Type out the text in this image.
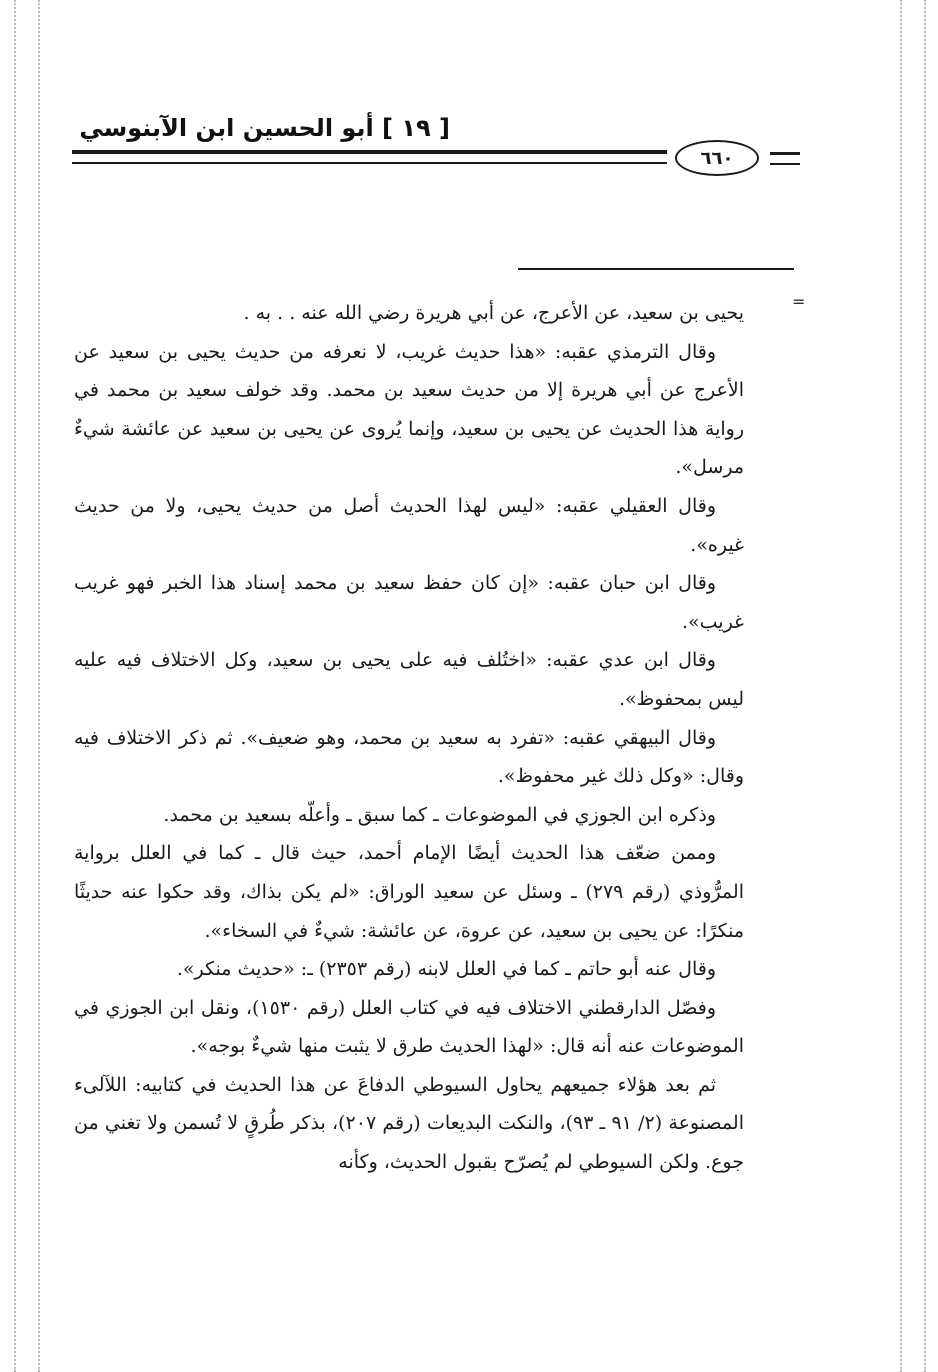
[ ١٩ ] أبو الحسين ابن الآبنوسي
٦٦٠
=

يحيى بن سعيد، عن الأعرج، عن أبي هريرة رضي الله عنه . . به .

وقال الترمذي عقبه: «هذا حديث غريب، لا نعرفه من حديث يحيى بن سعيد عن الأعرج عن أبي هريرة إلا من حديث سعيد بن محمد. وقد خولف سعيد بن محمد في رواية هذا الحديث عن يحيى بن سعيد، وإنما يُروى عن يحيى بن سعيد عن عائشة شيءٌ مرسل».

وقال العقيلي عقبه: «ليس لهذا الحديث أصل من حديث يحيى، ولا من حديث غيره».

وقال ابن حبان عقبه: «إن كان حفظ سعيد بن محمد إسناد هذا الخبر فهو غريب غريب».

وقال ابن عدي عقبه: «اختُلف فيه على يحيى بن سعيد، وكل الاختلاف فيه عليه ليس بمحفوظ».

وقال البيهقي عقبه: «تفرد به سعيد بن محمد، وهو ضعيف». ثم ذكر الاختلاف فيه وقال: «وكل ذلك غير محفوظ».

وذكره ابن الجوزي في الموضوعات ـ كما سبق ـ وأعلّه بسعيد بن محمد.

وممن ضعّف هذا الحديث أيضًا الإمام أحمد، حيث قال ـ كما في العلل برواية المرُّوذي (رقم ٢٧٩) ـ وسئل عن سعيد الوراق: «لم يكن بذاك، وقد حكوا عنه حديثًا منكرًا: عن يحيى بن سعيد، عن عروة، عن عائشة: شيءٌ في السخاء».

وقال عنه أبو حاتم ـ كما في العلل لابنه (رقم ٢٣٥٣) ـ: «حديث منكر».

وفصّل الدارقطني الاختلاف فيه في كتاب العلل (رقم ١٥٣٠)، ونقل ابن الجوزي في الموضوعات عنه أنه قال: «لهذا الحديث طرق لا يثبت منها شيءٌ بوجه».

ثم بعد هؤلاء جميعهم يحاول السيوطي الدفاعَ عن هذا الحديث في كتابيه: اللآلىء المصنوعة (٢/ ٩١ ـ ٩٣)، والنكت البديعات (رقم ٢٠٧)، بذكر طُرقٍ لا تُسمن ولا تغني من جوع. ولكن السيوطي لم يُصرّح بقبول الحديث، وكأنه
